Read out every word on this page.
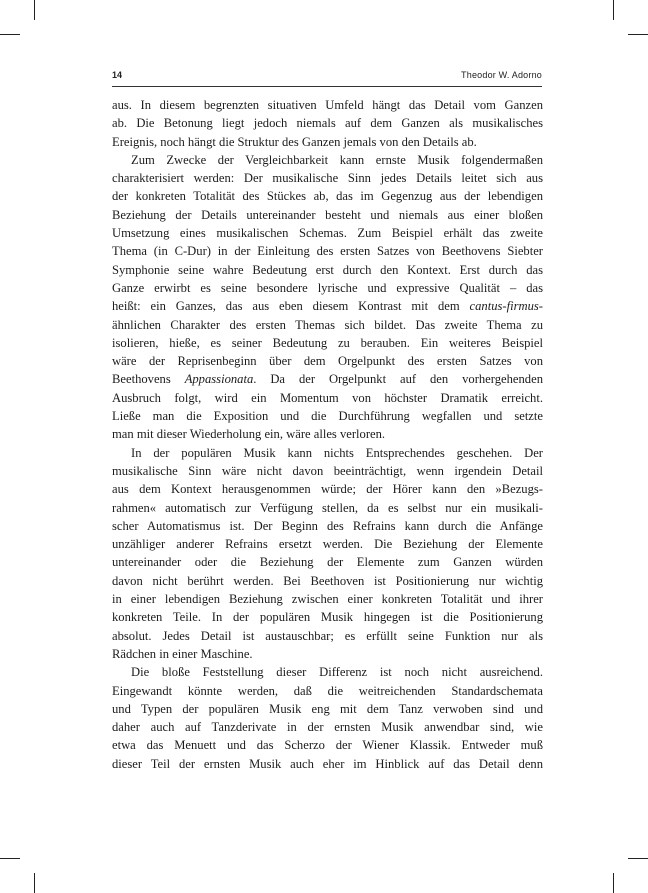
14	Theodor W. Adorno
aus. In diesem begrenzten situativen Umfeld hängt das Detail vom Ganzen
ab. Die Betonung liegt jedoch niemals auf dem Ganzen als musikalisches
Ereignis, noch hängt die Struktur des Ganzen jemals von den Details ab.
Zum Zwecke der Vergleichbarkeit kann ernste Musik folgendermaßen
charakterisiert werden: Der musikalische Sinn jedes Details leitet sich aus
der konkreten Totalität des Stückes ab, das im Gegenzug aus der lebendigen
Beziehung der Details untereinander besteht und niemals aus einer bloßen
Umsetzung eines musikalischen Schemas. Zum Beispiel erhält das zweite
Thema (in C-Dur) in der Einleitung des ersten Satzes von Beethovens Siebter
Symphonie seine wahre Bedeutung erst durch den Kontext. Erst durch das
Ganze erwirbt es seine besondere lyrische und expressive Qualität – das
heißt: ein Ganzes, das aus eben diesem Kontrast mit dem cantus-firmus-
ähnlichen Charakter des ersten Themas sich bildet. Das zweite Thema zu
isolieren, hieße, es seiner Bedeutung zu berauben. Ein weiteres Beispiel
wäre der Reprisenbeginn über dem Orgelpunkt des ersten Satzes von
Beethovens Appassionata. Da der Orgelpunkt auf den vorhergehenden
Ausbruch folgt, wird ein Momentum von höchster Dramatik erreicht.
Ließe man die Exposition und die Durchführung wegfallen und setzte
man mit dieser Wiederholung ein, wäre alles verloren.
In der populären Musik kann nichts Entsprechendes geschehen. Der
musikalische Sinn wäre nicht davon beeinträchtigt, wenn irgendein Detail
aus dem Kontext herausgenommen würde; der Hörer kann den »Bezugs-
rahmen« automatisch zur Verfügung stellen, da es selbst nur ein musikali-
scher Automatismus ist. Der Beginn des Refrains kann durch die Anfänge
unzähliger anderer Refrains ersetzt werden. Die Beziehung der Elemente
untereinander oder die Beziehung der Elemente zum Ganzen würden
davon nicht berührt werden. Bei Beethoven ist Positionierung nur wichtig
in einer lebendigen Beziehung zwischen einer konkreten Totalität und ihrer
konkreten Teile. In der populären Musik hingegen ist die Positionierung
absolut. Jedes Detail ist austauschbar; es erfüllt seine Funktion nur als
Rädchen in einer Maschine.
Die bloße Feststellung dieser Differenz ist noch nicht ausreichend.
Eingewandt könnte werden, daß die weitreichenden Standardschemata
und Typen der populären Musik eng mit dem Tanz verwoben sind und
daher auch auf Tanzderivate in der ernsten Musik anwendbar sind, wie
etwa das Menuett und das Scherzo der Wiener Klassik. Entweder muß
dieser Teil der ernsten Musik auch eher im Hinblick auf das Detail denn
